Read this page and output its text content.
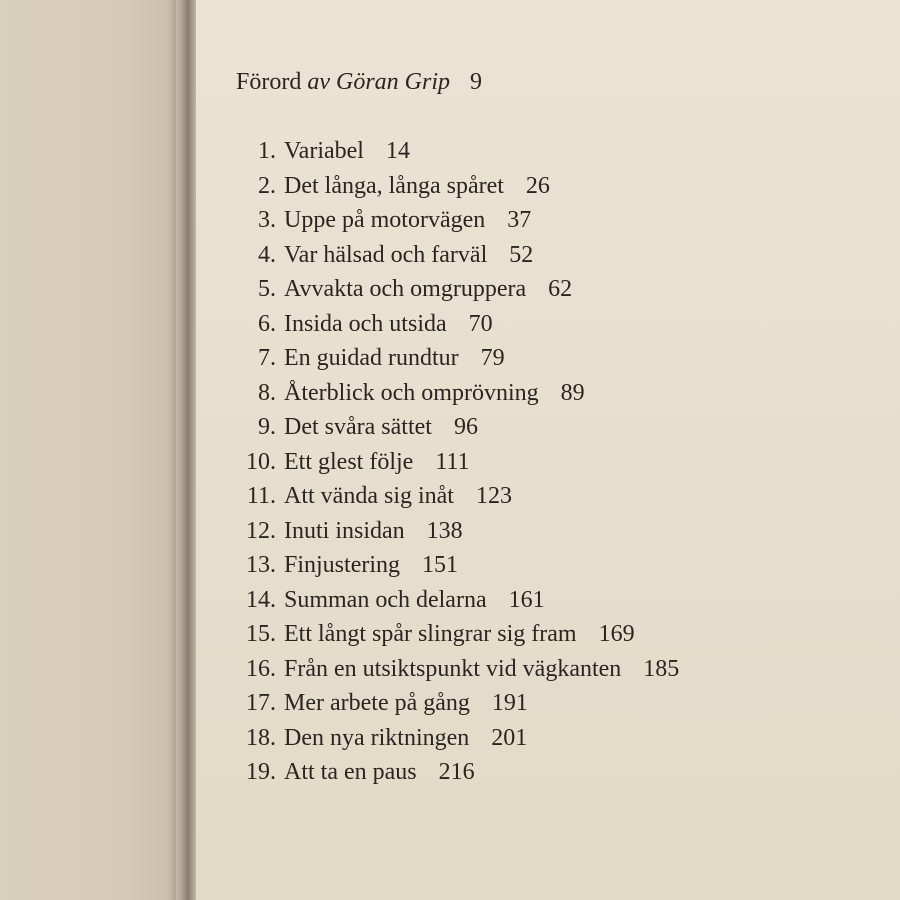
Förord av Göran Grip 9
1. Variabel 14
2. Det långa, långa spåret 26
3. Uppe på motorvägen 37
4. Var hälsad och farväl 52
5. Avvakta och omgruppera 62
6. Insida och utsida 70
7. En guidad rundtur 79
8. Återblick och omprövning 89
9. Det svåra sättet 96
10. Ett glest följe 111
11. Att vända sig inåt 123
12. Inuti insidan 138
13. Finjustering 151
14. Summan och delarna 161
15. Ett långt spår slingrar sig fram 169
16. Från en utsiktspunkt vid vägkanten 185
17. Mer arbete på gång 191
18. Den nya riktningen 201
19. Att ta en paus 216
